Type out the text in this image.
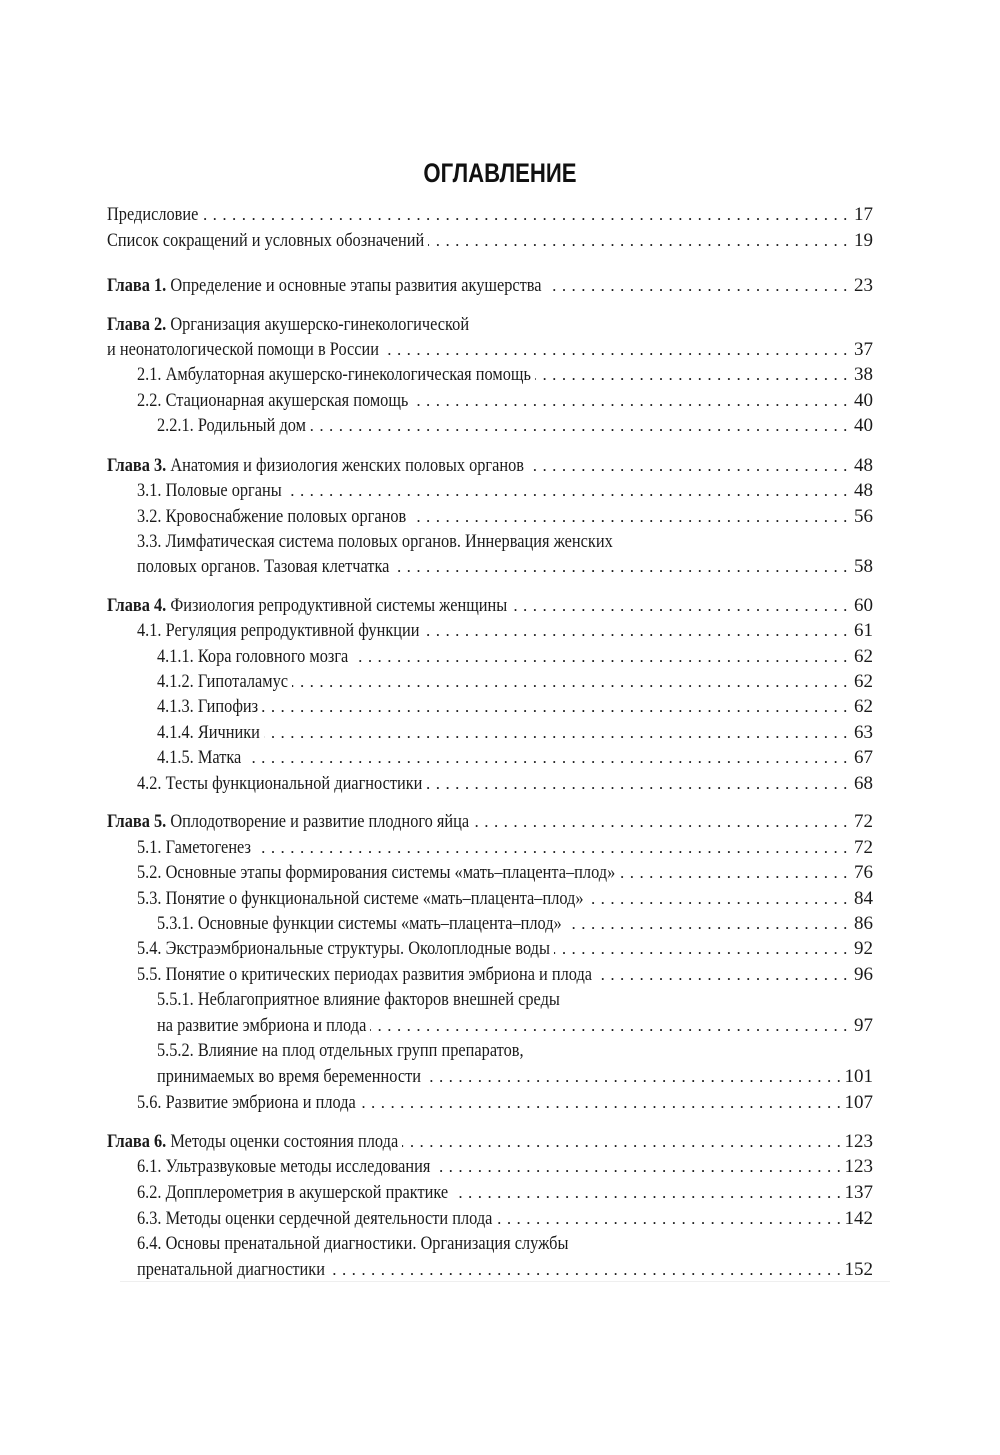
ОГЛАВЛЕНИЕ
Предисловие . . .	17
Список сокращений и условных обозначений . . .	19
Глава 1. Определение и основные этапы развития акушерства . . .	23
Глава 2. Организация акушерско-гинекологической
и неонатологической помощи в России . . .	37
2.1. Амбулаторная акушерско-гинекологическая помощь . . .	38
2.2. Стационарная акушерская помощь . . .	40
2.2.1. Родильный дом . . .	40
Глава 3. Анатомия и физиология женских половых органов . . .	48
3.1. Половые органы . . .	48
3.2. Кровоснабжение половых органов . . .	56
3.3. Лимфатическая система половых органов. Иннервация женских
половых органов. Тазовая клетчатка . . .	58
Глава 4. Физиология репродуктивной системы женщины . . .	60
4.1. Регуляция репродуктивной функции . . .	61
4.1.1. Кора головного мозга . . .	62
4.1.2. Гипоталамус . . .	62
4.1.3. Гипофиз . . .	62
4.1.4. Яичники . . .	63
4.1.5. Матка . . .	67
4.2. Тесты функциональной диагностики . . .	68
Глава 5. Оплодотворение и развитие плодного яйца . . .	72
5.1. Гаметогенез . . .	72
5.2. Основные этапы формирования системы «мать–плацента–плод» . . .	76
5.3. Понятие о функциональной системе «мать–плацента–плод» . . .	84
5.3.1. Основные функции системы «мать–плацента–плод» . . .	86
5.4. Экстраэмбриональные структуры. Околоплодные воды . . .	92
5.5. Понятие о критических периодах развития эмбриона и плода . . .	96
5.5.1. Неблагоприятное влияние факторов внешней среды
на развитие эмбриона и плода . . .	97
5.5.2. Влияние на плод отдельных групп препаратов,
принимаемых во время беременности . . .	101
5.6. Развитие эмбриона и плода . . .	107
Глава 6. Методы оценки состояния плода . . .	123
6.1. Ультразвуковые методы исследования . . .	123
6.2. Допплерометрия в акушерской практике . . .	137
6.3. Методы оценки сердечной деятельности плода . . .	142
6.4. Основы пренатальной диагностики. Организация службы
пренатальной диагностики . . .	152
